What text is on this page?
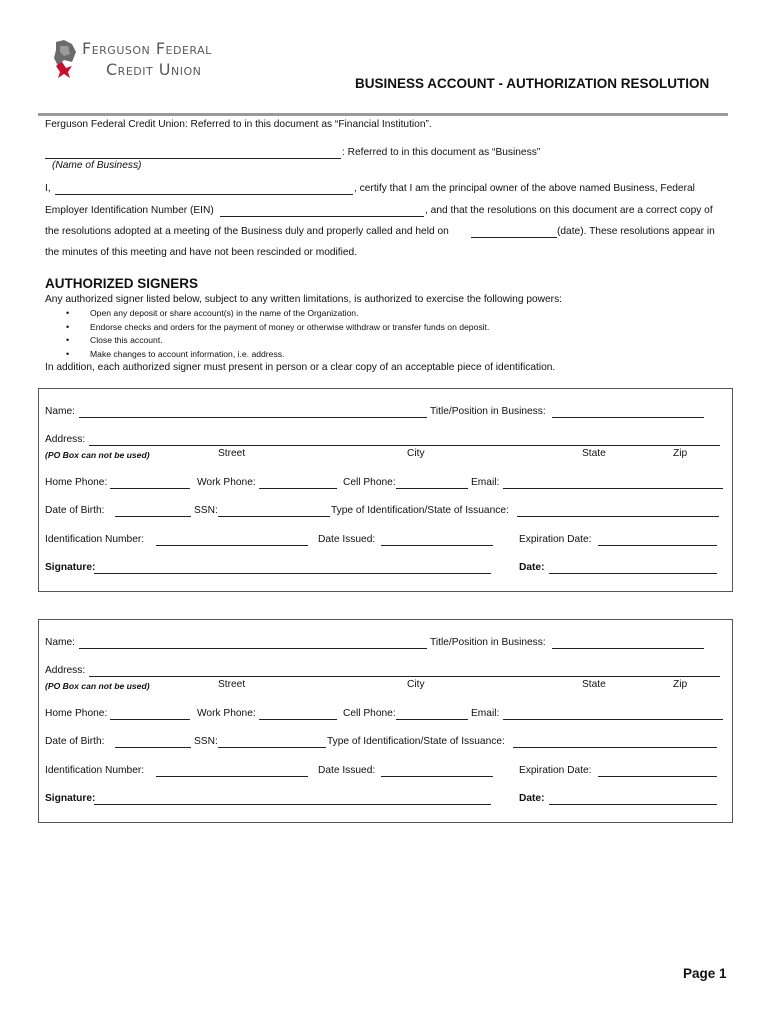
Ferguson Federal
Credit Union
BUSINESS ACCOUNT - AUTHORIZATION RESOLUTION
Ferguson Federal Credit Union: Referred to in this document as “Financial Institution”.
: Referred to in this document as “Business”
(Name of Business)
I,	, certify that I am the principal owner of the above named Business, Federal
Employer Identification Number (EIN)	, and that the resolutions on this document are a correct copy of
the resolutions adopted at a meeting of the Business duly and properly called and held on	(date). These resolutions appear in
the minutes of this meeting and have not been rescinded or modified.
AUTHORIZED SIGNERS
Any authorized signer listed below, subject to any written limitations, is authorized to exercise the following powers:
• Open any deposit or share account(s) in the name of the Organization.
• Endorse checks and orders for the payment of money or otherwise withdraw or transfer funds on deposit.
• Close this account.
• Make changes to account information, i.e. address.
In addition, each authorized signer must present in person or a clear copy of an acceptable piece of identification.
Name:	Title/Position in Business:
Address:
(PO Box can not be used)	Street	City	State	Zip
Home Phone:	Work Phone:	Cell Phone:	Email:
Date of Birth:	SSN:	Type of Identification/State of Issuance:
Identification Number:	Date Issued:	Expiration Date:
Signature:	Date:
Name:	Title/Position in Business:
Address:
(PO Box can not be used)	Street	City	State	Zip
Home Phone:	Work Phone:	Cell Phone:	Email:
Date of Birth:	SSN:	Type of Identification/State of Issuance:
Identification Number:	Date Issued:	Expiration Date:
Signature:	Date:
Page 1
